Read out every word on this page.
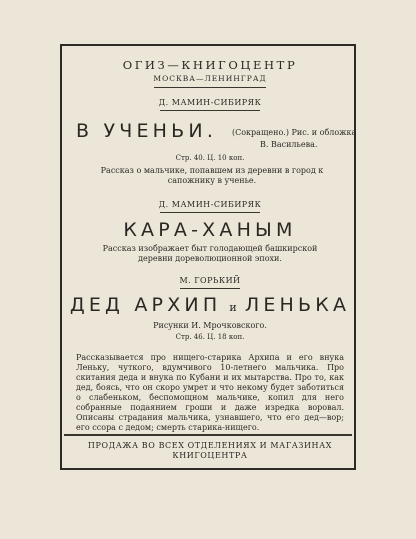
ОГИЗ—КНИГОЦЕНТР
МОСКВА—ЛЕНИНГРАД
Д. МАМИН-СИБИРЯК
В УЧЕНЬИ. (Сокращено.) Рис. и обложка
В. Васильева.
Стр. 40. Ц. 10 коп.
Рассказ о мальчике, попавшем из деревни в город к сапожнику в ученье.
Д. МАМИН-СИБИРЯК
КАРА-ХАНЫМ
Рассказ изображает быт голодающей башкирской деревни дореволюционной эпохи.
М. ГОРЬКИЙ
ДЕД АРХИП и ЛЕНЬКА
Рисунки И. Мрочковского.
Стр. 46. Ц. 18 коп.
Рассказывается про нищего-старика Архипа и его внука Леньку, чуткого, вдумчивого 10-летнего мальчика. Про скитания деда и внука по Кубани и их мытарства. Про то, как дед, боясь, что он скоро умрет и что некому будет заботиться о слабеньком, беспомощном мальчике, копил для него собранные подаянием гроши и даже изредка воровал. Описаны страдания мальчика, узнавшего, что его дед—вор; его ссора с дедом; смерть старика-нищего.
ПРОДАЖА ВО ВСЕХ ОТДЕЛЕНИЯХ И МАГАЗИНАХ
КНИГОЦЕНТРА
